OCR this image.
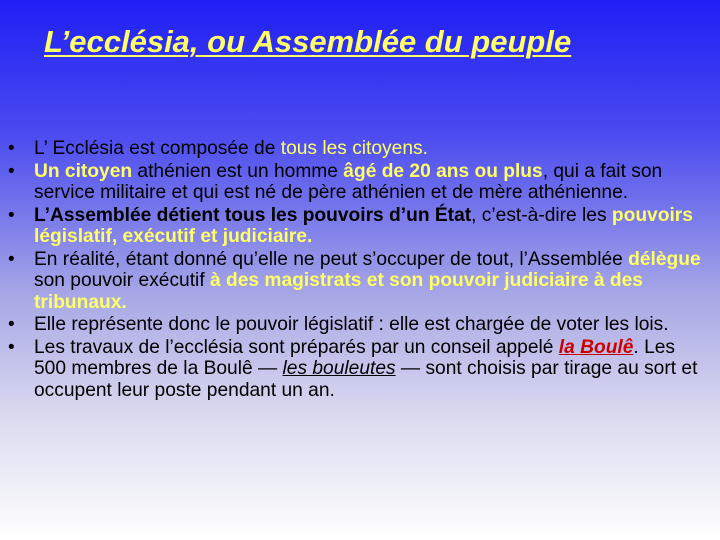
L’ecclésia, ou Assemblée du peuple
• L’ Ecclésia est composée de tous les citoyens.
• Un citoyen athénien est un homme âgé de 20 ans ou plus, qui a fait son service militaire et qui est né de père athénien et de mère athénienne.
• L’Assemblée détient tous les pouvoirs d’un État, c’est-à-dire les pouvoirs législatif, exécutif et judiciaire.
• En réalité, étant donné qu’elle ne peut s’occuper de tout, l’Assemblée délègue son pouvoir exécutif à des magistrats et son pouvoir judiciaire à des tribunaux.
• Elle représente donc le pouvoir législatif : elle est chargée de voter les lois.
• Les travaux de l’ecclésia sont préparés par un conseil appelé la Boulê. Les 500 membres de la Boulê — les bouleutes — sont choisis par tirage au sort et occupent leur poste pendant un an.
